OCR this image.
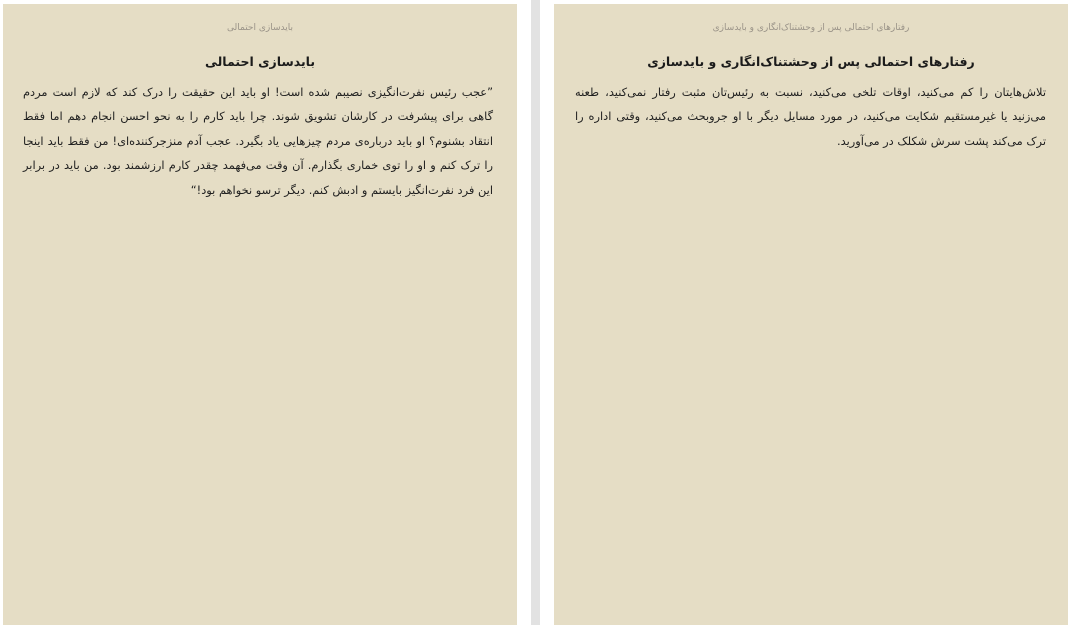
بایدسازی احتمالی
بایدسازی احتمالی
”عجب رئیس نفرت‌انگیزی نصیبم شده است! او باید این حقیقت را درک کند که لازم است مردم گاهی برای پیشرفت در کارشان تشویق شوند. چرا باید کارم را به نحو احسن انجام دهم اما فقط انتقاد بشنوم؟ او باید درباره‌ی مردم چیزهایی یاد بگیرد. عجب آدم منزجرکننده‌ای! من فقط باید اینجا را ترک کنم و او را توی خماری بگذارم. آن وقت می‌فهمد چقدر کارم ارزشمند بود. من باید در برابر این فرد نفرت‌انگیز بایستم و ادبش کنم. دیگر ترسو نخواهم بود!“
رفتارهای احتمالی پس از وحشتناک‌انگاری و بایدسازی
رفتارهای احتمالی پس از وحشتناک‌انگاری و بایدسازی
تلاش‌هایتان را کم می‌کنید، اوقات تلخی می‌کنید، نسبت به رئیس‌تان مثبت رفتار نمی‌کنید، طعنه می‌زنید یا غیرمستقیم شکایت می‌کنید، در مورد مسایل دیگر با او جروبحث می‌کنید، وقتی اداره را ترک می‌کند پشت سرش شکلک در می‌آورید.
